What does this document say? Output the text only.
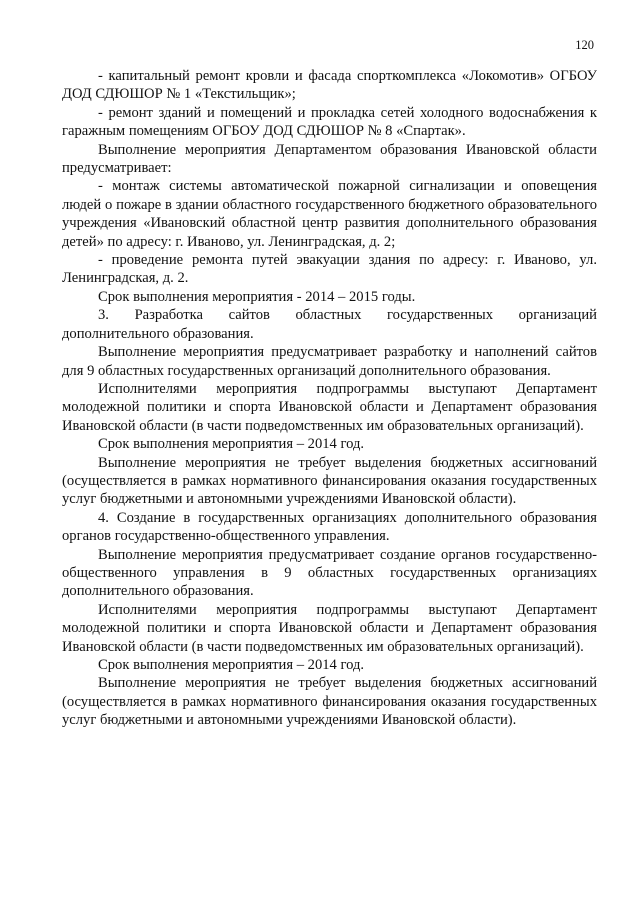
120

- капитальный ремонт кровли и фасада спорткомплекса «Локомотив» ОГБОУ ДОД СДЮШОР № 1 «Текстильщик»;

- ремонт зданий и помещений и прокладка сетей холодного водоснабжения к гаражным помещениям ОГБОУ ДОД СДЮШОР № 8 «Спартак».

Выполнение мероприятия Департаментом образования Ивановской области предусматривает:

- монтаж системы автоматической пожарной сигнализации и оповещения людей о пожаре в здании областного государственного бюджетного образовательного учреждения «Ивановский областной центр развития дополнительного образования детей» по адресу: г. Иваново, ул. Ленинградская, д. 2;

- проведение ремонта путей эвакуации здания по адресу: г. Иваново, ул. Ленинградская, д. 2.

Срок выполнения мероприятия - 2014 – 2015 годы.

3. Разработка сайтов областных государственных организаций дополнительного образования.

Выполнение мероприятия предусматривает разработку и наполнений сайтов для 9 областных государственных организаций дополнительного образования.

Исполнителями мероприятия подпрограммы выступают Департамент молодежной политики и спорта Ивановской области и Департамент образования Ивановской области (в части подведомственных им образовательных организаций).

Срок выполнения мероприятия – 2014 год.

Выполнение мероприятия не требует выделения бюджетных ассигнований (осуществляется в рамках нормативного финансирования оказания государственных услуг бюджетными и автономными учреждениями Ивановской области).

4. Создание в государственных организациях дополнительного образования органов государственно-общественного управления.

Выполнение мероприятия предусматривает создание органов государственно-общественного управления в 9 областных государственных организациях дополнительного образования.

Исполнителями мероприятия подпрограммы выступают Департамент молодежной политики и спорта Ивановской области и Департамент образования Ивановской области (в части подведомственных им образовательных организаций).

Срок выполнения мероприятия – 2014 год.

Выполнение мероприятия не требует выделения бюджетных ассигнований (осуществляется в рамках нормативного финансирования оказания государственных услуг бюджетными и автономными учреждениями Ивановской области).
